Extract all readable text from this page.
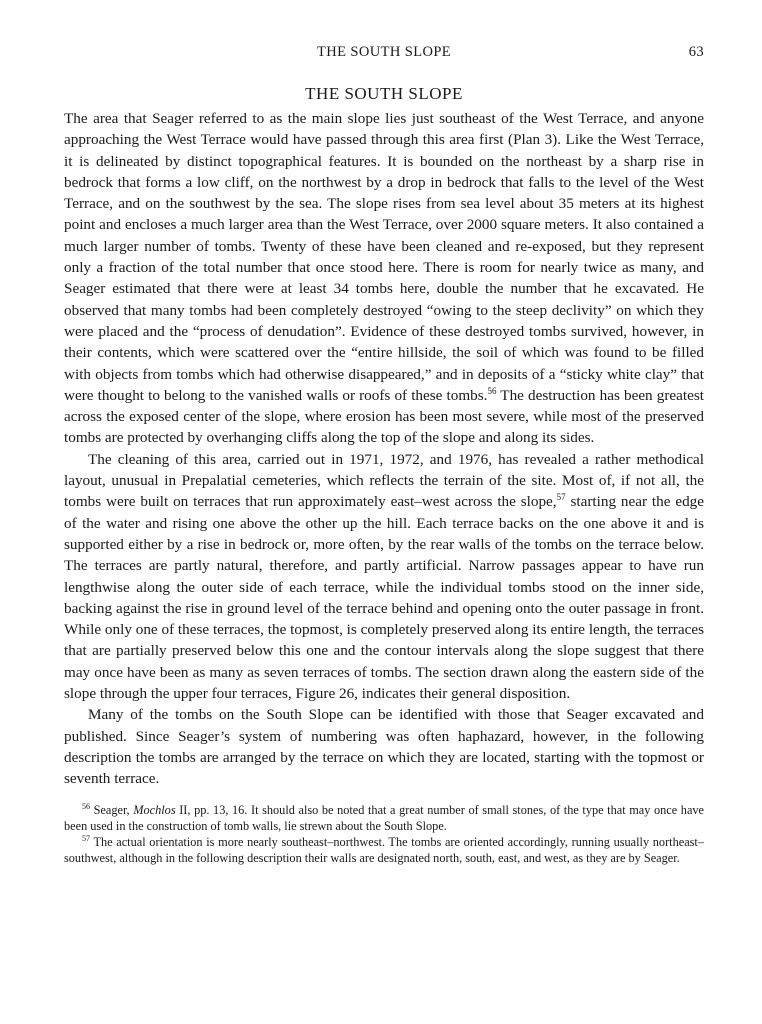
THE SOUTH SLOPE	63
THE SOUTH SLOPE

The area that Seager referred to as the main slope lies just southeast of the West Terrace, and anyone approaching the West Terrace would have passed through this area first (Plan 3). Like the West Terrace, it is delineated by distinct topographical features. It is bounded on the northeast by a sharp rise in bedrock that forms a low cliff, on the northwest by a drop in bedrock that falls to the level of the West Terrace, and on the southwest by the sea. The slope rises from sea level about 35 meters at its highest point and encloses a much larger area than the West Terrace, over 2000 square meters. It also contained a much larger number of tombs. Twenty of these have been cleaned and re-exposed, but they represent only a fraction of the total number that once stood here. There is room for nearly twice as many, and Seager estimated that there were at least 34 tombs here, double the number that he excavated. He observed that many tombs had been completely destroyed “owing to the steep declivity” on which they were placed and the “process of denudation”. Evidence of these destroyed tombs survived, however, in their contents, which were scattered over the “entire hillside, the soil of which was found to be filled with objects from tombs which had otherwise disappeared,” and in deposits of a “sticky white clay” that were thought to belong to the vanished walls or roofs of these tombs.$^{56}$ The destruction has been greatest across the exposed center of the slope, where erosion has been most severe, while most of the preserved tombs are protected by overhanging cliffs along the top of the slope and along its sides.

The cleaning of this area, carried out in 1971, 1972, and 1976, has revealed a rather methodical layout, unusual in Prepalatial cemeteries, which reflects the terrain of the site. Most of, if not all, the tombs were built on terraces that run approximately east–west across the slope,$^{57}$ starting near the edge of the water and rising one above the other up the hill. Each terrace backs on the one above it and is supported either by a rise in bedrock or, more often, by the rear walls of the tombs on the terrace below. The terraces are partly natural, therefore, and partly artificial. Narrow passages appear to have run lengthwise along the outer side of each terrace, while the individual tombs stood on the inner side, backing against the rise in ground level of the terrace behind and opening onto the outer passage in front. While only one of these terraces, the topmost, is completely preserved along its entire length, the terraces that are partially preserved below this one and the contour intervals along the slope suggest that there may once have been as many as seven terraces of tombs. The section drawn along the eastern side of the slope through the upper four terraces, Figure 26, indicates their general disposition.

Many of the tombs on the South Slope can be identified with those that Seager excavated and published. Since Seager’s system of numbering was often haphazard, however, in the following description the tombs are arranged by the terrace on which they are located, starting with the topmost or seventh terrace.

$^{56}$ Seager, Mochlos II, pp. 13, 16. It should also be noted that a great number of small stones, of the type that may once have been used in the construction of tomb walls, lie strewn about the South Slope.

$^{57}$ The actual orientation is more nearly southeast–northwest. The tombs are oriented accordingly, running usually northeast–southwest, although in the following description their walls are designated north, south, east, and west, as they are by Seager.
